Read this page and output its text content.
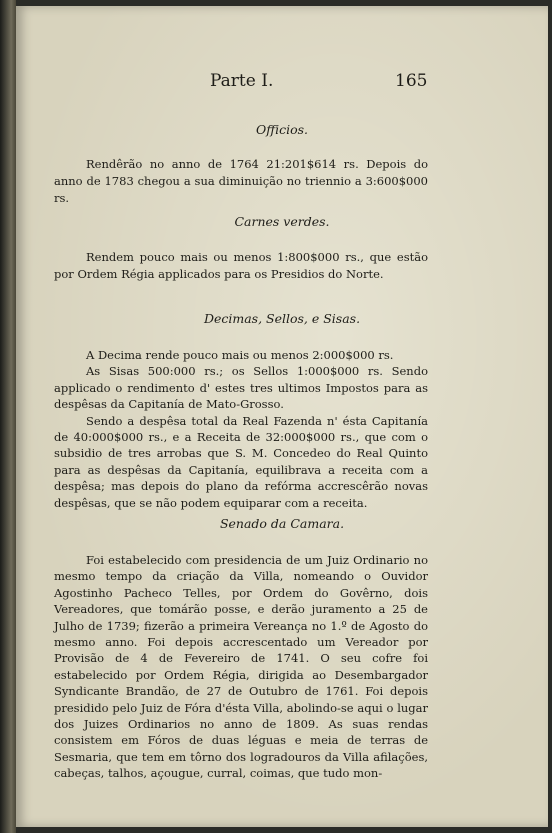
Parte I.	165
Officios.

Rendêrão no anno de 1764 21:201$614 rs. Depois do anno de 1783 chegou a sua diminuição no triennio a 3:600$000 rs.

Carnes verdes.

Rendem pouco mais ou menos 1:800$000 rs., que estão por Ordem Régia applicados para os Presidios do Norte.

Decimas, Sellos, e Sisas.

A Decima rende pouco mais ou menos 2:000$000 rs.

As Sisas 500:000 rs.; os Sellos 1:000$000 rs. Sendo applicado o rendimento d' estes tres ultimos Impostos para as despêsas da Capitanía de Mato-Grosso.

Sendo a despêsa total da Real Fazenda n' ésta Capitanía de 40:000$000 rs., e a Receita de 32:000$000 rs., que com o subsidio de tres arrobas que S. M. Concedeo do Real Quinto para as despêsas da Capitanía, equilibrava a receita com a despêsa; mas depois do plano da refórma accrescêrão novas despêsas, que se não podem equiparar com a receita.

Senado da Camara.

Foi estabelecido com presidencia de um Juiz Ordinario no mesmo tempo da criação da Villa, nomeando o Ouvidor Agostinho Pacheco Telles, por Ordem do Govêrno, dois Vereadores, que tomárão posse, e derão juramento a 25 de Julho de 1739; fizerão a primeira Vereança no 1.º de Agosto do mesmo anno. Foi depois accrescentado um Vereador por Provisão de 4 de Fevereiro de 1741. O seu cofre foi estabelecido por Ordem Régia, dirigida ao Desembargador Syndicante Brandão, de 27 de Outubro de 1761. Foi depois presidido pelo Juiz de Fóra d'ésta Villa, abolindo-se aqui o lugar dos Juizes Ordinarios no anno de 1809. As suas rendas consistem em Fóros de duas léguas e meia de terras de Sesmaria, que tem em tôrno dos logradouros da Villa afilações, cabeças, talhos, açougue, curral, coimas, que tudo mon-
